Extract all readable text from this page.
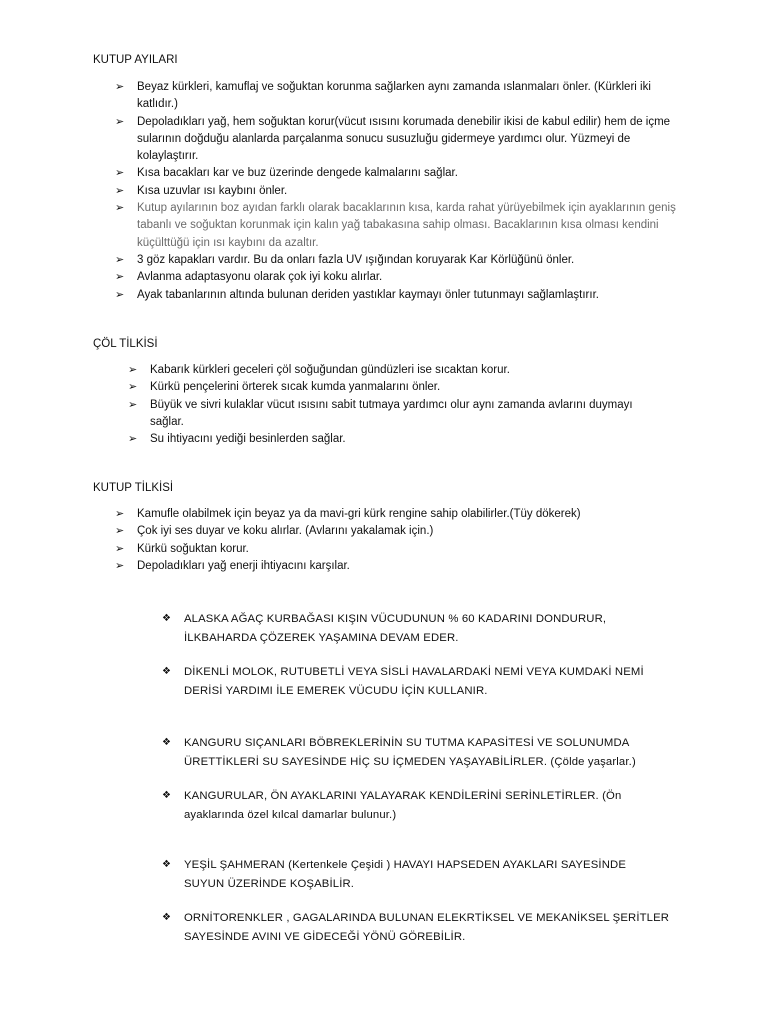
KUTUP AYILARI
➢ Beyaz kürkleri, kamuflaj ve soğuktan korunma sağlarken aynı zamanda ıslanmaları önler. (Kürkleri iki katlıdır.)
➢ Depoladıkları yağ, hem soğuktan korur(vücut ısısını korumada denebilir ikisi de kabul edilir) hem de içme sularının doğduğu alanlarda parçalanma sonucu susuzluğu gidermeye yardımcı olur. Yüzmeyi de kolaylaştırır.
➢ Kısa bacakları kar ve buz üzerinde dengede kalmalarını sağlar.
➢ Kısa uzuvlar ısı kaybını önler.
➢ Kutup ayılarının boz ayıdan farklı olarak bacaklarının kısa, karda rahat yürüyebilmek için ayaklarının geniş tabanlı ve soğuktan korunmak için kalın yağ tabakasına sahip olması. Bacaklarının kısa olması kendini küçülttüğü için ısı kaybını da azaltır.
➢ 3 göz kapakları vardır. Bu da onları fazla UV ışığından koruyarak Kar Körlüğünü önler.
➢ Avlanma adaptasyonu olarak çok iyi koku alırlar.
➢ Ayak tabanlarının altında bulunan deriden yastıklar kaymayı önler tutunmayı sağlamlaştırır.
ÇÖL TİLKİSİ
➢ Kabarık kürkleri geceleri çöl soğuğundan gündüzleri ise sıcaktan korur.
➢ Kürkü pençelerini örterek sıcak kumda yanmalarını önler.
➢ Büyük ve sivri kulaklar vücut ısısını sabit tutmaya yardımcı olur aynı zamanda avlarını duymayı sağlar.
➢ Su ihtiyacını yediği besinlerden sağlar.
KUTUP TİLKİSİ
➢ Kamufle olabilmek için beyaz ya da mavi-gri kürk rengine sahip olabilirler.(Tüy dökerek)
➢ Çok iyi ses duyar ve koku alırlar. (Avlarını yakalamak için.)
➢ Kürkü soğuktan korur.
➢ Depoladıkları yağ enerji ihtiyacını karşılar.
❖ ALASKA AĞAÇ KURBAĞASI KIŞIN VÜCUDUNUN % 60 KADARINI DONDURUR,
İLKBAHARDA ÇÖZEREK YAŞAMINA DEVAM EDER.
❖ DİKENLİ MOLOK, RUTUBETLİ VEYA SİSLİ HAVALARDAKİ NEMİ VEYA KUMDAKİ NEMİ
DERİSİ YARDIMI İLE EMEREK VÜCUDU İÇİN KULLANIR.
❖ KANGURU SIÇANLARI BÖBREKLERİNİN SU TUTMA KAPASİTESİ VE SOLUNUMDA
ÜRETTİKLERİ SU SAYESİNDE HİÇ SU İÇMEDEN YAŞAYABİLİRLER. (Çölde yaşarlar.)
❖ KANGURULAR, ÖN AYAKLARINI YALAYARAK KENDİLERİNİ SERİNLETİRLER. (Ön
ayaklarında özel kılcal damarlar bulunur.)
❖ YEŞİL ŞAHMERAN (Kertenkele Çeşidi ) HAVAYI HAPSEDEN AYAKLARI SAYESİNDE
SUYUN ÜZERİNDE KOŞABİLİR.
❖ ORNİTORENKLER , GAGALARINDA BULUNAN ELEKRTİKSEL VE MEKANİKSEL ŞERİTLER
SAYESİNDE AVINI VE GİDECEĞİ YÖNÜ GÖREBİLİR.
